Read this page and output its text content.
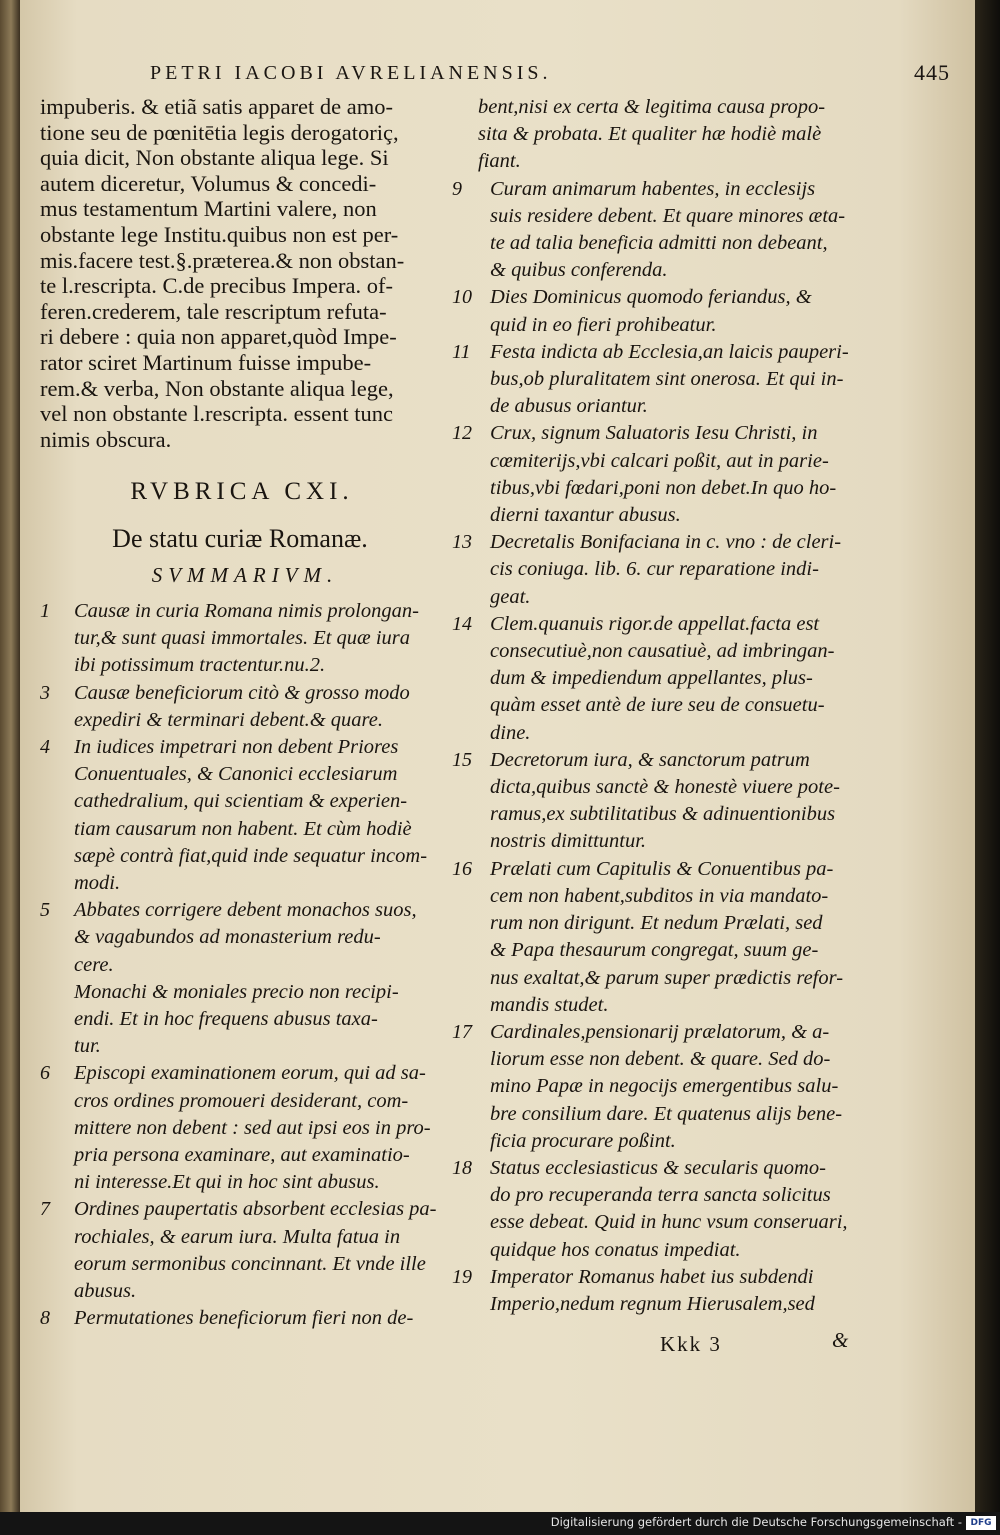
PETRI IACOBI AVRELIANENSIS.	445
impuberis. & etiã satis apparet de amo-
tione seu de pœnitētia legis derogatoriç,
quia dicit, Non obstante aliqua lege. Si
autem diceretur, Volumus & concedi-
mus testamentum Martini valere, non
obstante lege Institu.quibus non est per-
mis.facere test.§.præterea.& non obstan-
te l.rescripta. C.de precibus Impera. of-
feren.crederem, tale rescriptum refuta-
ri debere : quia non apparet,quòd Impe-
rator sciret Martinum fuisse impube-
rem.& verba, Non obstante aliqua lege,
vel non obstante l.rescripta. essent tunc
nimis obscura.
RVBRICA CXI.
De statu curiæ Romanæ.
SVMMARIVM.
1	Causæ in curia Romana nimis prolongan-
tur,& sunt quasi immortales. Et quæ iura
ibi potissimum tractentur.nu.2.
3	Causæ beneficiorum citò & grosso modo
expediri & terminari debent.& quare.
4	In iudices impetrari non debent Priores
Conuentuales, & Canonici ecclesiarum
cathedralium, qui scientiam & experien-
tiam causarum non habent. Et cùm hodiè
sæpè contrà fiat,quid inde sequatur incom-
modi.
5	Abbates corrigere debent monachos suos,
& vagabundos ad monasterium redu-
cere.
Monachi & moniales precio non recipi-
endi. Et in hoc frequens abusus taxa-
tur.
6	Episcopi examinationem eorum, qui ad sa-
cros ordines promoueri desiderant, com-
mittere non debent : sed aut ipsi eos in pro-
pria persona examinare, aut examinatio-
ni interesse.Et qui in hoc sint abusus.
7	Ordines paupertatis absorbent ecclesias pa-
rochiales, & earum iura. Multa fatua in
eorum sermonibus concinnant. Et vnde ille
abusus.
8	Permutationes beneficiorum fieri non de-
bent,nisi ex certa & legitima causa propo-
sita & probata. Et qualiter hæ hodiè malè
fiant.
9	Curam animarum habentes, in ecclesijs
suis residere debent. Et quare minores æta-
te ad talia beneficia admitti non debeant,
& quibus conferenda.
10 Dies Dominicus quomodo feriandus, &
quid in eo fieri prohibeatur.
11 Festa indicta ab Ecclesia,an laicis pauperi-
bus,ob pluralitatem sint onerosa. Et qui in-
de abusus oriantur.
12 Crux, signum Saluatoris Iesu Christi, in
cœmiterijs,vbi calcari poßit, aut in parie-
tibus,vbi fœdari,poni non debet.In quo ho-
dierni taxantur abusus.
13 Decretalis Bonifaciana in c. vno : de cleri-
cis coniuga. lib. 6. cur reparatione indi-
geat.
14 Clem.quanuis rigor.de appellat.facta est
consecutiuè,non causatiuè, ad imbringan-
dum & impediendum appellantes, plus-
quàm esset antè de iure seu de consuetu-
dine.
15 Decretorum iura, & sanctorum patrum
dicta,quibus sanctè & honestè viuere pote-
ramus,ex subtilitatibus & adinuentionibus
nostris dimittuntur.
16 Prælati cum Capitulis & Conuentibus pa-
cem non habent,subditos in via mandato-
rum non dirigunt. Et nedum Prælati, sed
& Papa thesaurum congregat, suum ge-
nus exaltat,& parum super prædictis refor-
mandis studet.
17 Cardinales,pensionarij prælatorum, & a-
liorum esse non debent. & quare. Sed do-
mino Papæ in negocijs emergentibus salu-
bre consilium dare. Et quatenus alijs bene-
ficia procurare poßint.
18 Status ecclesiasticus & secularis quomo-
do pro recuperanda terra sancta solicitus
esse debeat. Quid in hunc vsum conseruari,
quidque hos conatus impediat.
19 Imperator Romanus habet ius subdendi
Imperio,nedum regnum Hierusalem,sed
Kkk 3	&
Digitalisierung gefördert durch die Deutsche Forschungsgemeinschaft - DFG
